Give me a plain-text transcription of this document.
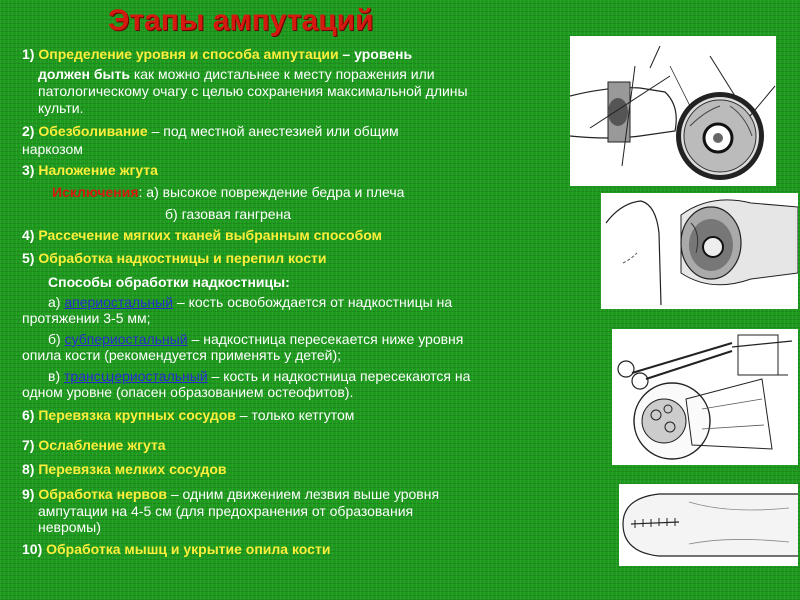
Этапы ампутаций
1) Определение уровня и способа ампутации – уровень
должен быть как можно дистальнее к месту поражения или
патологическому очагу с целью сохранения максимальной длины
культи.
2) Обезболивание – под местной анестезией или общим
наркозом
3) Наложение жгута
Исключения: а) высокое повреждение бедра и плеча
б) газовая гангрена
4) Рассечение мягких тканей выбранным способом
5) Обработка надкостницы и перепил кости
Способы обработки надкостницы:
а) апериостальный – кость освобождается от надкостницы на
протяжении 3-5 мм;
б) субпериостальный – надкостница пересекается ниже уровня
опила кости (рекомендуется применять у детей);
в) трансպериостальный – кость и надкостница пересекаются на
одном уровне (опасен образованием остеофитов).
6) Перевязка крупных сосудов – только кетгутом
7) Ослабление жгута
8) Перевязка мелких сосудов
9) Обработка нервов – одним движением лезвия выше уровня
ампутации на 4-5 см (для предохранения от образования
невромы)
10) Обработка мышц и укрытие опила кости
